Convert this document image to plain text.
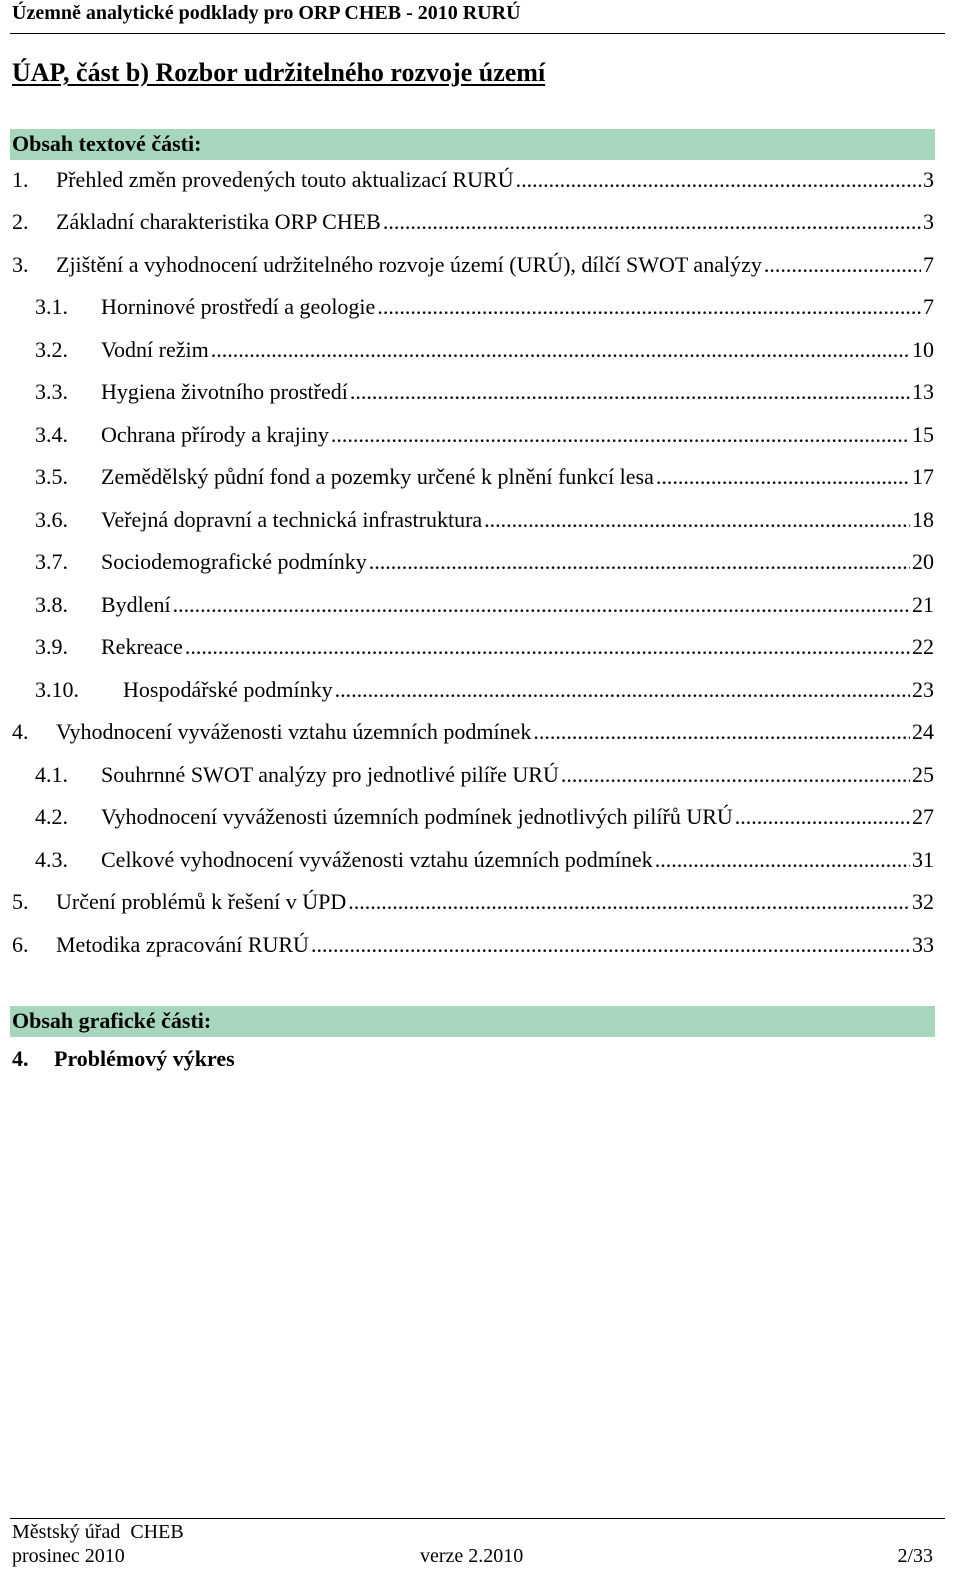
Územně analytické podklady pro ORP CHEB - 2010 RURÚ
ÚAP, část b) Rozbor udržitelného rozvoje území
Obsah textové části:
1.	Přehled změn provedených touto aktualizací RURÚ .....	3
2.	Základní charakteristika ORP CHEB .....	3
3.	Zjištění a vyhodnocení udržitelného rozvoje území (URÚ), dílčí SWOT analýzy .....	7
3.1.	Horninové prostředí a geologie .....	7
3.2.	Vodní režim .....	10
3.3.	Hygiena životního prostředí .....	13
3.4.	Ochrana přírody a krajiny .....	15
3.5.	Zemědělský půdní fond a pozemky určené k plnění funkcí lesa .....	17
3.6.	Veřejná dopravní a technická infrastruktura .....	18
3.7.	Sociodemografické podmínky .....	20
3.8.	Bydlení .....	21
3.9.	Rekreace .....	22
3.10.	Hospodářské podmínky .....	23
4.	Vyhodnocení vyváženosti vztahu územních podmínek .....	24
4.1.	Souhrnné SWOT analýzy pro jednotlivé pilíře URÚ .....	25
4.2.	Vyhodnocení vyváženosti územních podmínek jednotlivých pilířů URÚ .....	27
4.3.	Celkové vyhodnocení vyváženosti vztahu územních podmínek .....	31
5.	Určení problémů k řešení v ÚPD .....	32
6.	Metodika zpracování RURÚ .....	33
Obsah grafické části:
4. Problémový výkres
Městský úřad  CHEB
prosinec 2010	verze 2.2010	2/33
